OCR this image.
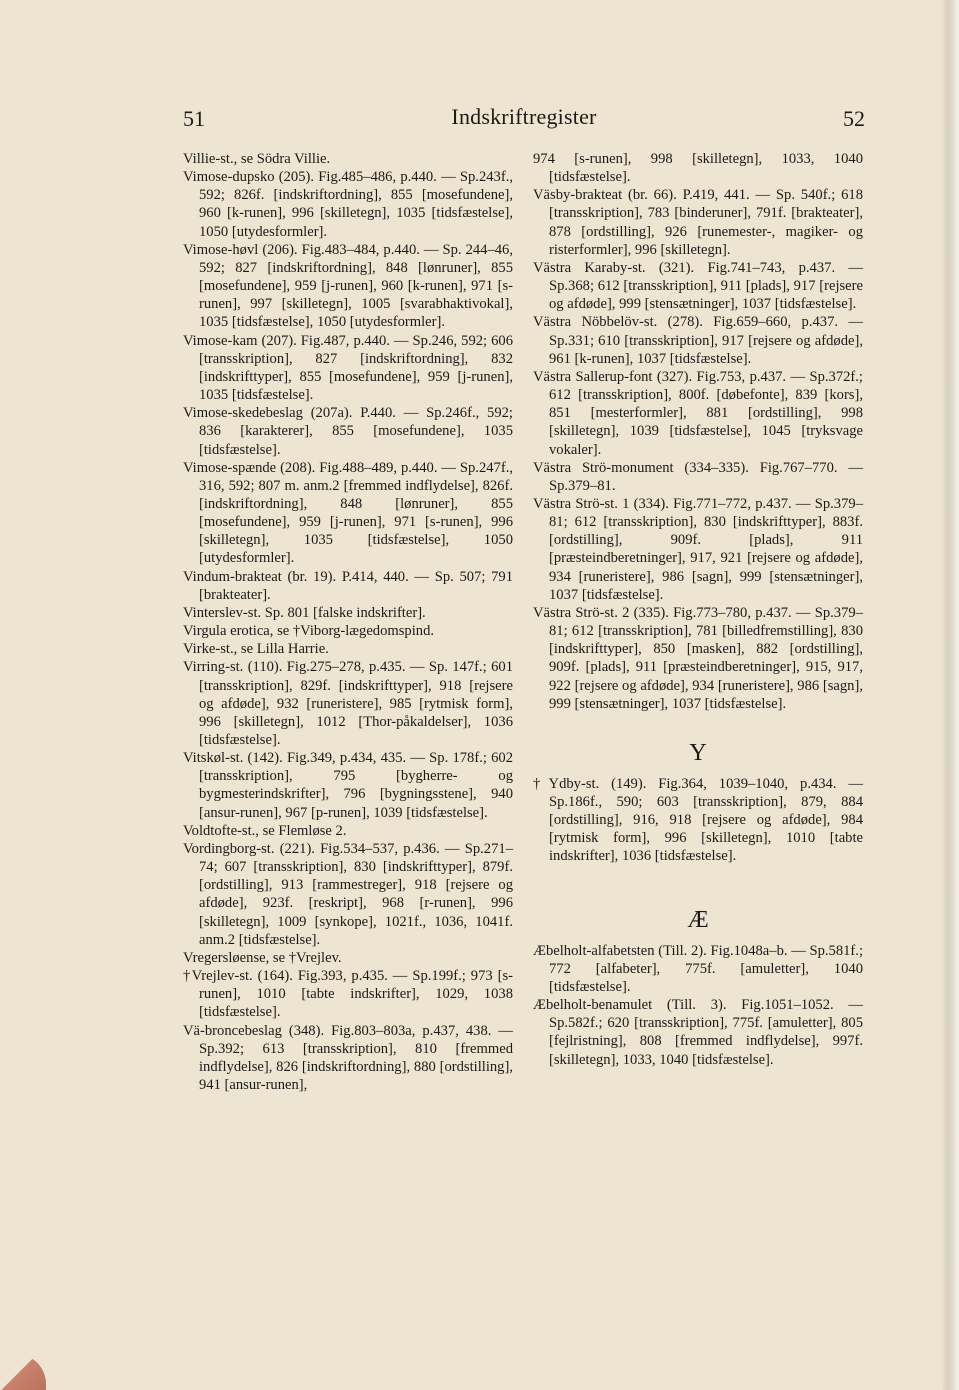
51	Indskriftregister	52

Villie-st., se Södra Villie.

Vimose-dupsko (205). Fig.485–486, p.440. — Sp.243f., 592; 826f. [indskriftordning], 855 [mosefundene], 960 [k-runen], 996 [skilletegn], 1035 [tidsfæstelse], 1050 [utydesformler].

Vimose-høvl (206). Fig.483–484, p.440. — Sp. 244–46, 592; 827 [indskriftordning], 848 [lønruner], 855 [mosefundene], 959 [j-runen], 960 [k-runen], 971 [s-runen], 997 [skilletegn], 1005 [svarabhaktivokal], 1035 [tidsfæstelse], 1050 [utydesformler].

Vimose-kam (207). Fig.487, p.440. — Sp.246, 592; 606 [transskription], 827 [indskriftordning], 832 [indskrifttyper], 855 [mosefundene], 959 [j-runen], 1035 [tidsfæstelse].

Vimose-skedebeslag (207a). P.440. — Sp.246f., 592; 836 [karakterer], 855 [mosefundene], 1035 [tidsfæstelse].

Vimose-spænde (208). Fig.488–489, p.440. — Sp.247f., 316, 592; 807 m. anm.2 [fremmed indflydelse], 826f. [indskriftordning], 848 [lønruner], 855 [mosefundene], 959 [j-runen], 971 [s-runen], 996 [skilletegn], 1035 [tidsfæstelse], 1050 [utydesformler].

Vindum-brakteat (br. 19). P.414, 440. — Sp. 507; 791 [brakteater].

Vinterslev-st. Sp. 801 [falske indskrifter].

Virgula erotica, se †Viborg-lægedomspind.

Virke-st., se Lilla Harrie.

Virring-st. (110). Fig.275–278, p.435. — Sp. 147f.; 601 [transskription], 829f. [indskrifttyper], 918 [rejsere og afdøde], 932 [runeristere], 985 [rytmisk form], 996 [skilletegn], 1012 [Thor-påkaldelser], 1036 [tidsfæstelse].

Vitskøl-st. (142). Fig.349, p.434, 435. — Sp. 178f.; 602 [transskription], 795 [bygherre- og bygmesterindskrifter], 796 [bygningsstene], 940 [ansur-runen], 967 [p-runen], 1039 [tidsfæstelse].

Voldtofte-st., se Flemløse 2.

Vordingborg-st. (221). Fig.534–537, p.436. — Sp.271–74; 607 [transskription], 830 [indskrifttyper], 879f. [ordstilling], 913 [rammestreger], 918 [rejsere og afdøde], 923f. [reskript], 968 [r-runen], 996 [skilletegn], 1009 [synkope], 1021f., 1036, 1041f. anm.2 [tidsfæstelse].

Vregersløense, se †Vrejlev.

†Vrejlev-st. (164). Fig.393, p.435. — Sp.199f.; 973 [s-runen], 1010 [tabte indskrifter], 1029, 1038 [tidsfæstelse].

Vä-broncebeslag (348). Fig.803–803a, p.437, 438. — Sp.392; 613 [transskription], 810 [fremmed indflydelse], 826 [indskriftordning], 880 [ordstilling], 941 [ansur-runen],

974 [s-runen], 998 [skilletegn], 1033, 1040 [tidsfæstelse].

Väsby-brakteat (br. 66). P.419, 441. — Sp. 540f.; 618 [transskription], 783 [binderuner], 791f. [brakteater], 878 [ordstilling], 926 [runemester-, magiker- og risterformler], 996 [skilletegn].

Västra Karaby-st. (321). Fig.741–743, p.437. — Sp.368; 612 [transskription], 911 [plads], 917 [rejsere og afdøde], 999 [stensætninger], 1037 [tidsfæstelse].

Västra Nöbbelöv-st. (278). Fig.659–660, p.437. — Sp.331; 610 [transskription], 917 [rejsere og afdøde], 961 [k-runen], 1037 [tidsfæstelse].

Västra Sallerup-font (327). Fig.753, p.437. — Sp.372f.; 612 [transskription], 800f. [døbefonte], 839 [kors], 851 [mesterformler], 881 [ordstilling], 998 [skilletegn], 1039 [tidsfæstelse], 1045 [tryksvage vokaler].

Västra Strö-monument (334–335). Fig.767–770. — Sp.379–81.

Västra Strö-st. 1 (334). Fig.771–772, p.437. — Sp.379–81; 612 [transskription], 830 [indskrifttyper], 883f. [ordstilling], 909f. [plads], 911 [præsteindberetninger], 917, 921 [rejsere og afdøde], 934 [runeristere], 986 [sagn], 999 [stensætninger], 1037 [tidsfæstelse].

Västra Strö-st. 2 (335). Fig.773–780, p.437. — Sp.379–81; 612 [transskription], 781 [billedfremstilling], 830 [indskrifttyper], 850 [masken], 882 [ordstilling], 909f. [plads], 911 [præsteindberetninger], 915, 917, 922 [rejsere og afdøde], 934 [runeristere], 986 [sagn], 999 [stensætninger], 1037 [tidsfæstelse].

Y

†Ydby-st. (149). Fig.364, 1039–1040, p.434. — Sp.186f., 590; 603 [transskription], 879, 884 [ordstilling], 916, 918 [rejsere og afdøde], 984 [rytmisk form], 996 [skilletegn], 1010 [tabte indskrifter], 1036 [tidsfæstelse].

Æ

Æbelholt-alfabetsten (Till. 2). Fig.1048a–b. — Sp.581f.; 772 [alfabeter], 775f. [amuletter], 1040 [tidsfæstelse].

Æbelholt-benamulet (Till. 3). Fig.1051–1052. — Sp.582f.; 620 [transskription], 775f. [amuletter], 805 [fejlristning], 808 [fremmed indflydelse], 997f. [skilletegn], 1033, 1040 [tidsfæstelse].
